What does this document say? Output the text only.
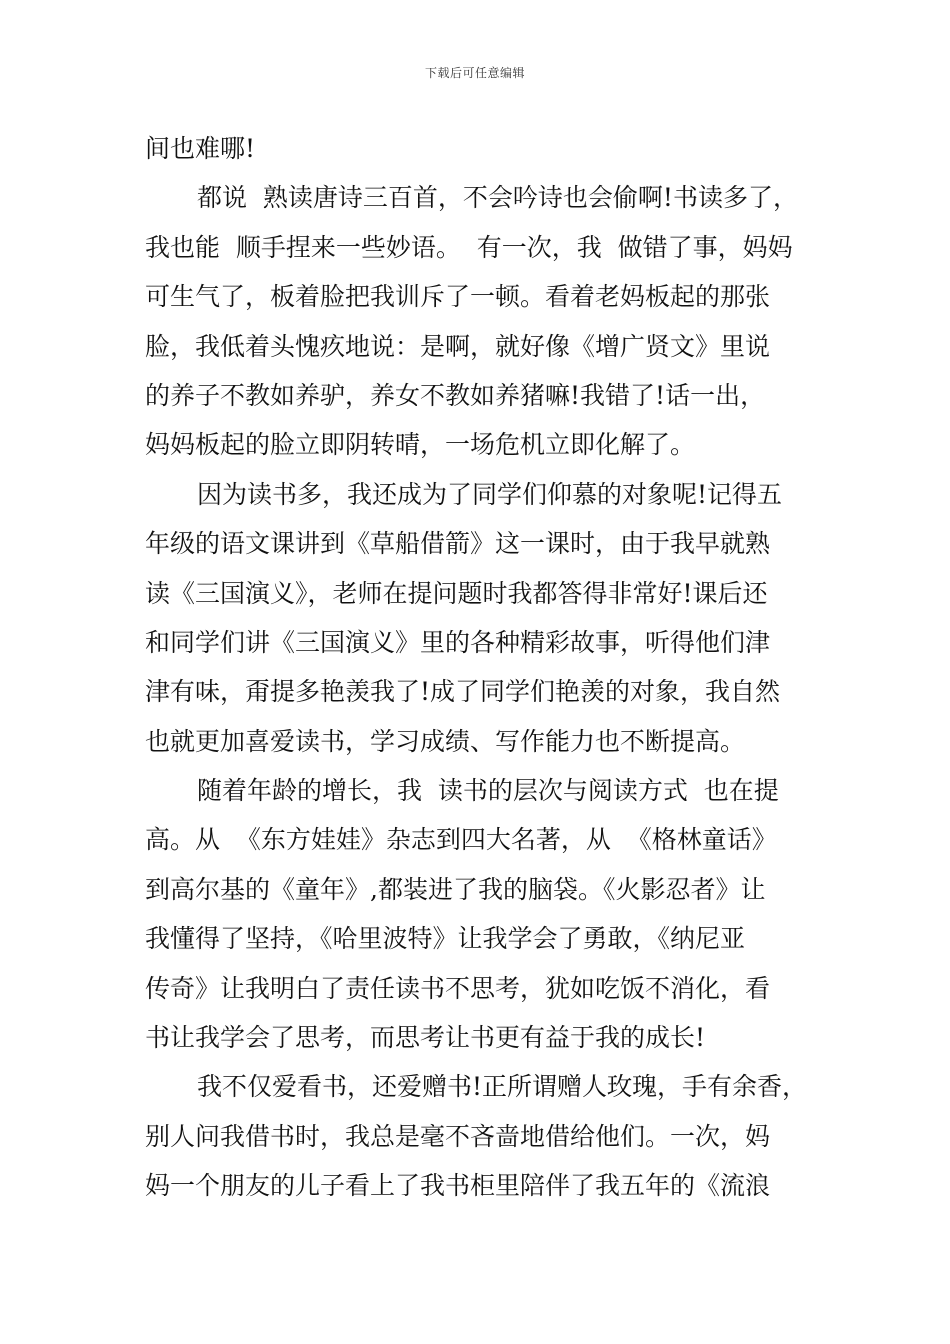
下载后可任意编辑
间也难哪!
都说  熟读唐诗三百首，不会吟诗也会偷啊!书读多了，
我也能  顺手捏来一些妙语。  有一次，我  做错了事，妈妈
可生气了，板着脸把我训斥了一顿。看着老妈板起的那张
脸，我低着头愧疚地说：是啊，就好像《增广贤文》里说
的养子不教如养驴，养女不教如养猪嘛!我错了!话一出，
妈妈板起的脸立即阴转晴，一场危机立即化解了。
因为读书多，我还成为了同学们仰慕的对象呢!记得五
年级的语文课讲到《草船借箭》这一课时，由于我早就熟
读《三国演义》，老师在提问题时我都答得非常好!课后还
和同学们讲《三国演义》里的各种精彩故事，听得他们津
津有味，甭提多艳羡我了!成了同学们艳羡的对象，我自然
也就更加喜爱读书，学习成绩、写作能力也不断提高。
随着年龄的增长，我  读书的层次与阅读方式  也在提
高。从  《东方娃娃》杂志到四大名著，从  《格林童话》
到高尔基的《童年》,都装进了我的脑袋。《火影忍者》让
我懂得了坚持，《哈里波特》让我学会了勇敢，《纳尼亚
传奇》让我明白了责任读书不思考，犹如吃饭不消化，看
书让我学会了思考，而思考让书更有益于我的成长!
我不仅爱看书，还爱赠书!正所谓赠人玫瑰，手有余香，
别人问我借书时，我总是毫不吝啬地借给他们。一次，妈
妈一个朋友的儿子看上了我书柜里陪伴了我五年的《流浪
